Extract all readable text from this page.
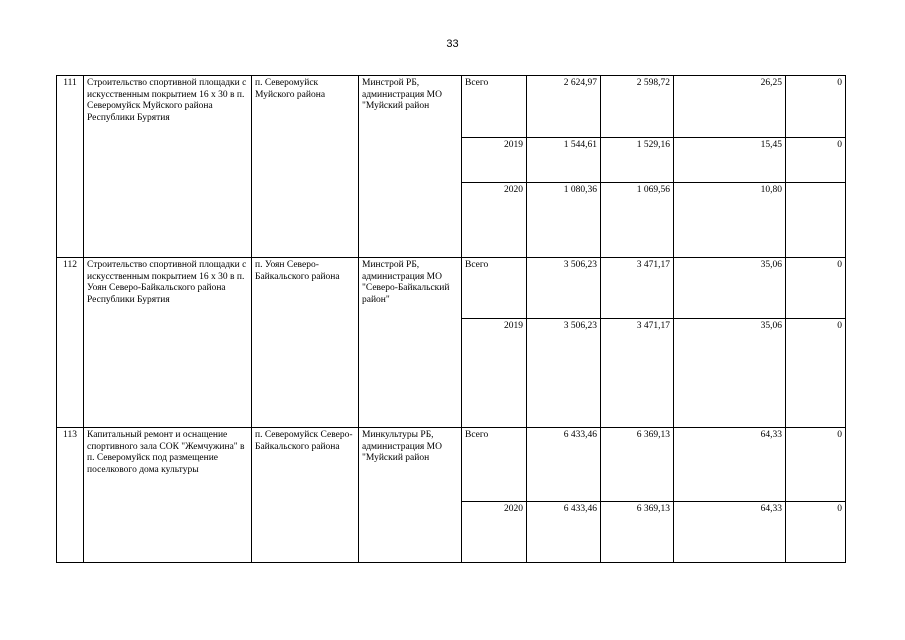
33
111	Строительство спортивной площадки с искусственным покрытием 16 х 30 в п. Северомуйск Муйского района Республики Бурятия	п. Северомуйск Муйского района	Минстрой РБ, администрация МО "Муйский район	Всего	2 624,97	2 598,72	26,25	0
				2019	1 544,61	1 529,16	15,45	0
				2020	1 080,36	1 069,56	10,80	
112	Строительство спортивной площадки с искусственным покрытием 16 х 30 в п. Уоян Северо-Байкальского района Республики Бурятия	п. Уоян Северо-Байкальского района	Минстрой РБ, администрация МО "Северо-Байкальский район"	Всего	3 506,23	3 471,17	35,06	0
				2019	3 506,23	3 471,17	35,06	0
113	Капитальный ремонт и оснащение спортивного зала СОК "Жемчужина" в п. Северомуйск под размещение поселкового дома культуры	п. Северомуйск Северо-Байкальского района	Минкультуры РБ, администрация МО "Муйский район	Всего	6 433,46	6 369,13	64,33	0
				2020	6 433,46	6 369,13	64,33	0
